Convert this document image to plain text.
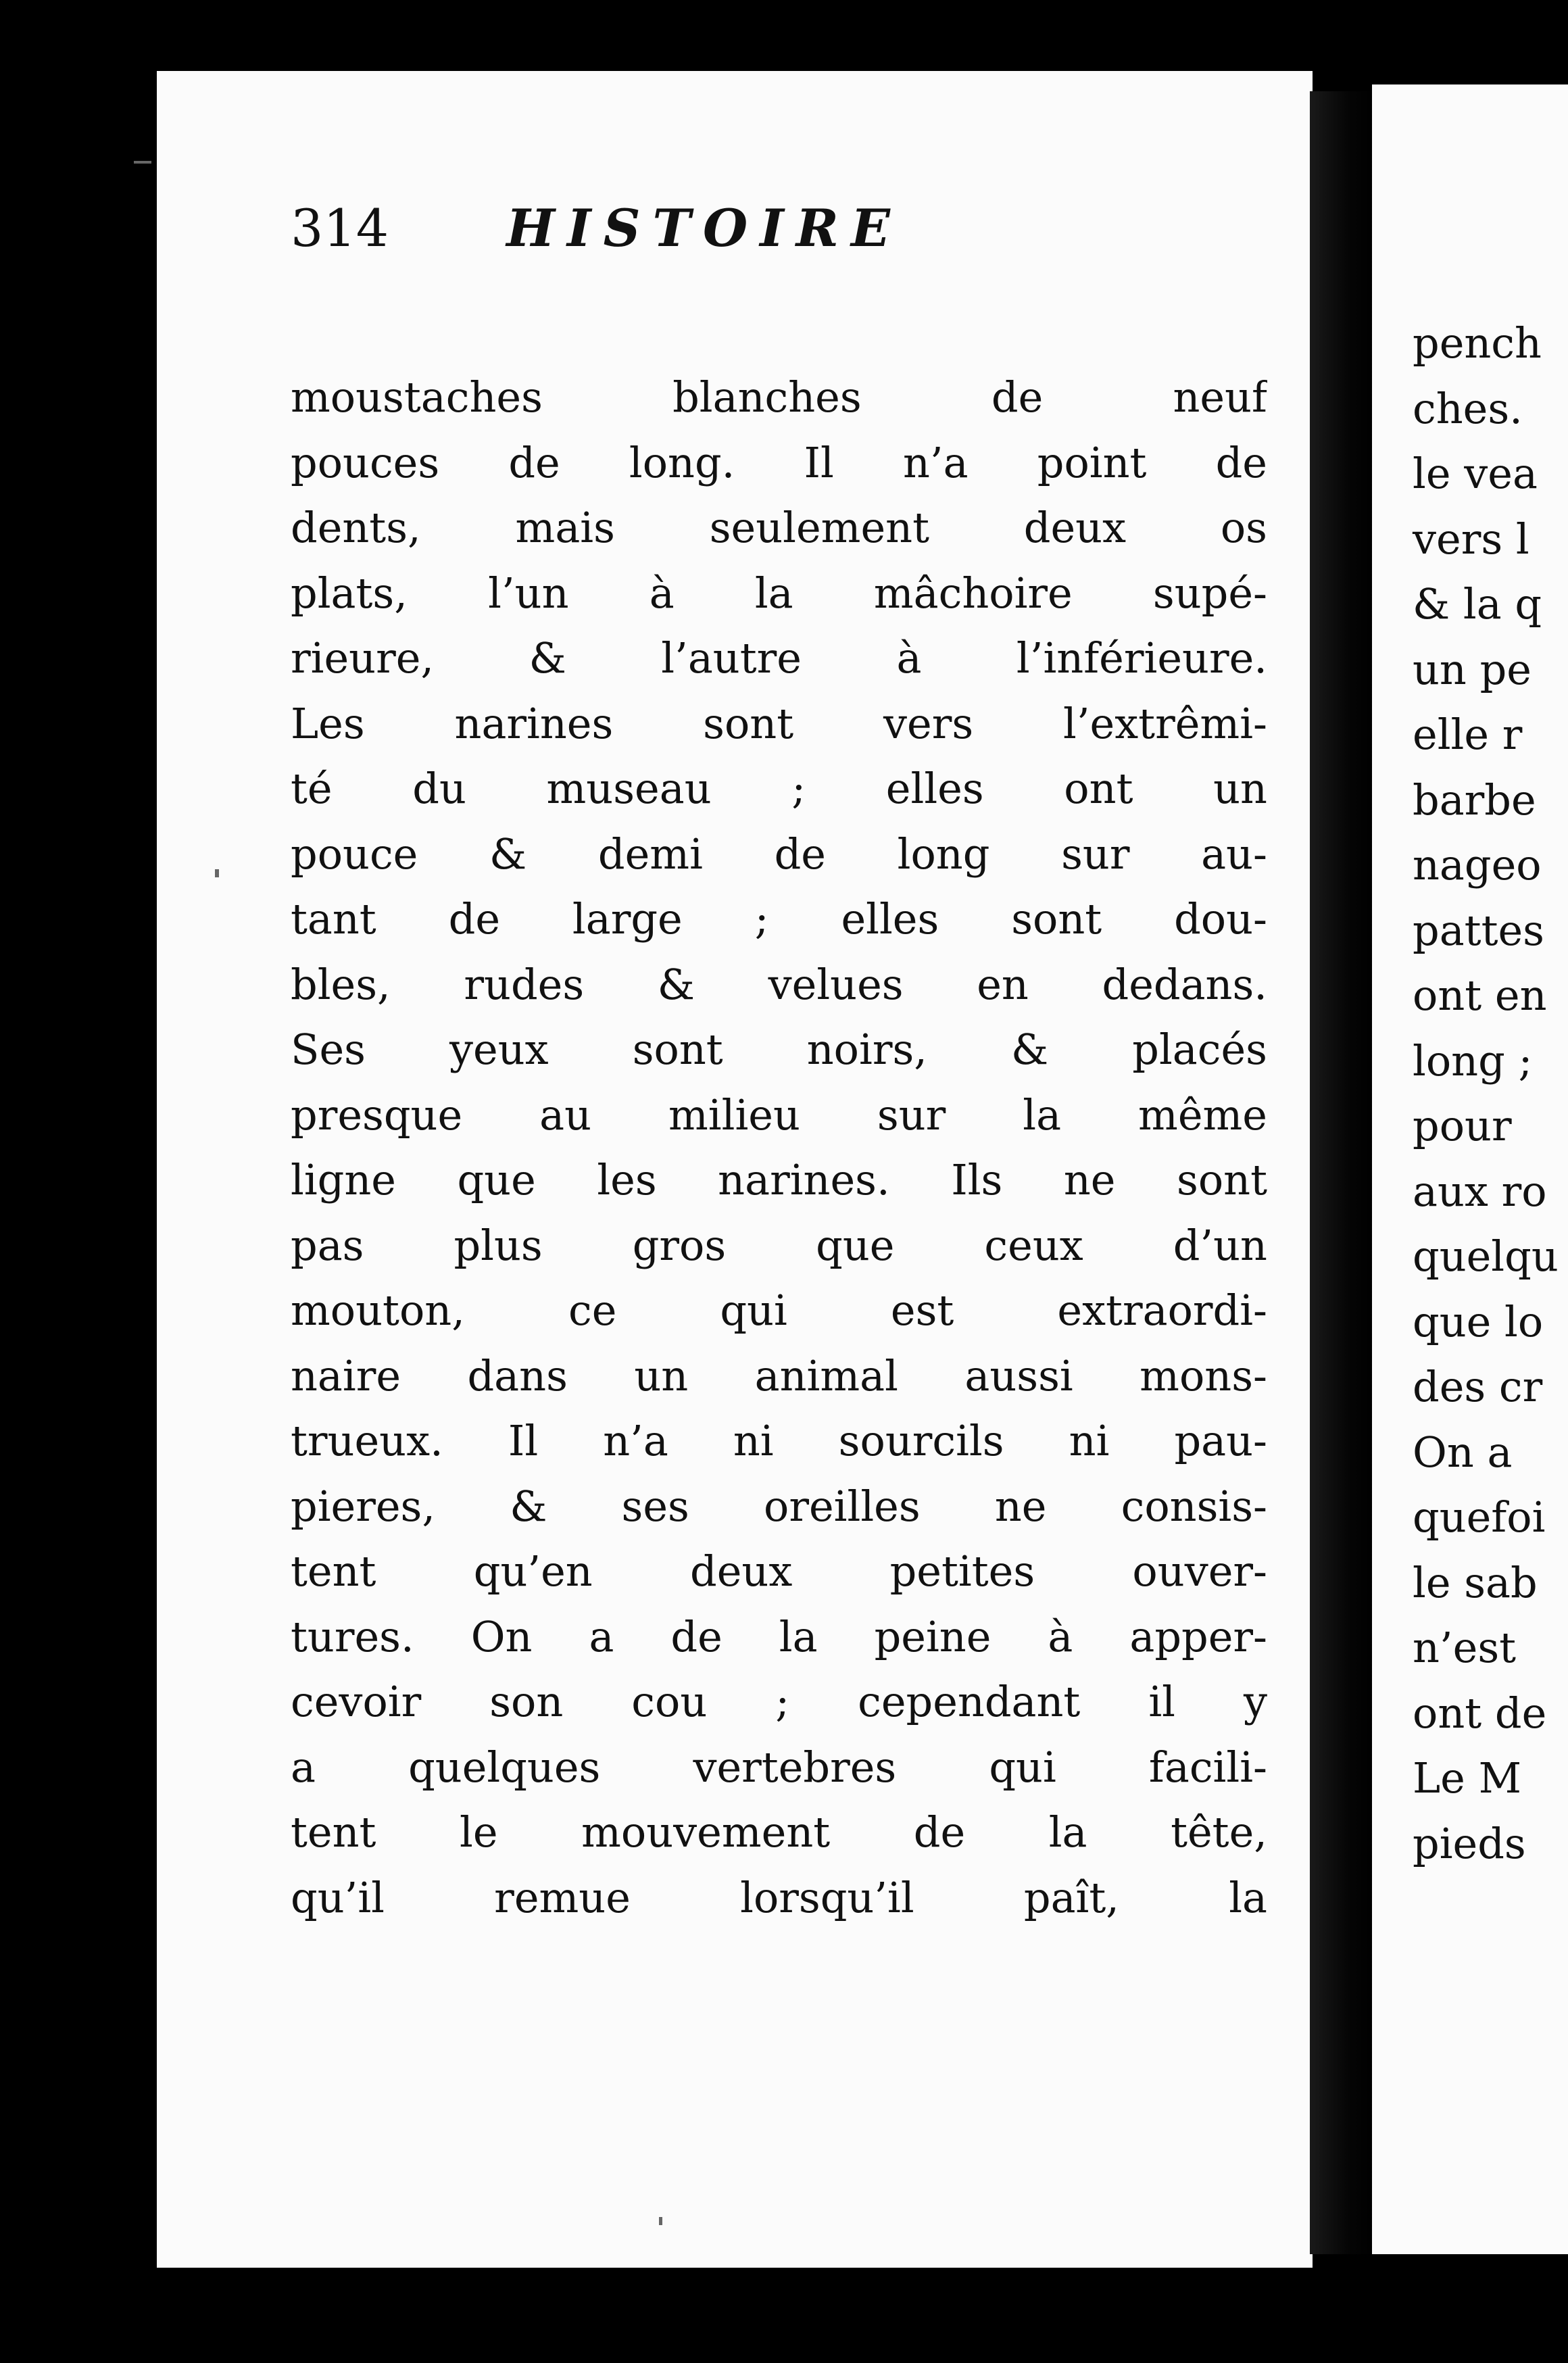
314 HISTOIRE
moustaches blanches de neuf
pouces de long. Il n’a point de
dents, mais seulement deux os
plats, l’un à la mâchoire supé-
rieure, & l’autre à l’inférieure.
Les narines sont vers l’extrêmi-
té du museau ; elles ont un
pouce & demi de long sur au-
tant de large ; elles sont dou-
bles, rudes & velues en dedans.
Ses yeux sont noirs, & placés
presque au milieu sur la même
ligne que les narines. Ils ne sont
pas plus gros que ceux d’un
mouton, ce qui est extraordi-
naire dans un animal aussi mons-
trueux. Il n’a ni sourcils ni pau-
pieres, & ses oreilles ne consis-
tent qu’en deux petites ouver-
tures. On a de la peine à apper-
cevoir son cou ; cependant il y
a quelques vertebres qui facili-
tent le mouvement de la tête,
qu’il remue lorsqu’il paît, la
pench
ches.
le vea
vers l
& la q
un pe
elle r
barbe
nageo
pattes
ont en
long ;
pour
aux ro
quelqu
que lo
des cr
On a
quefoi
le sab
n’est
ont de
Le M
pieds
